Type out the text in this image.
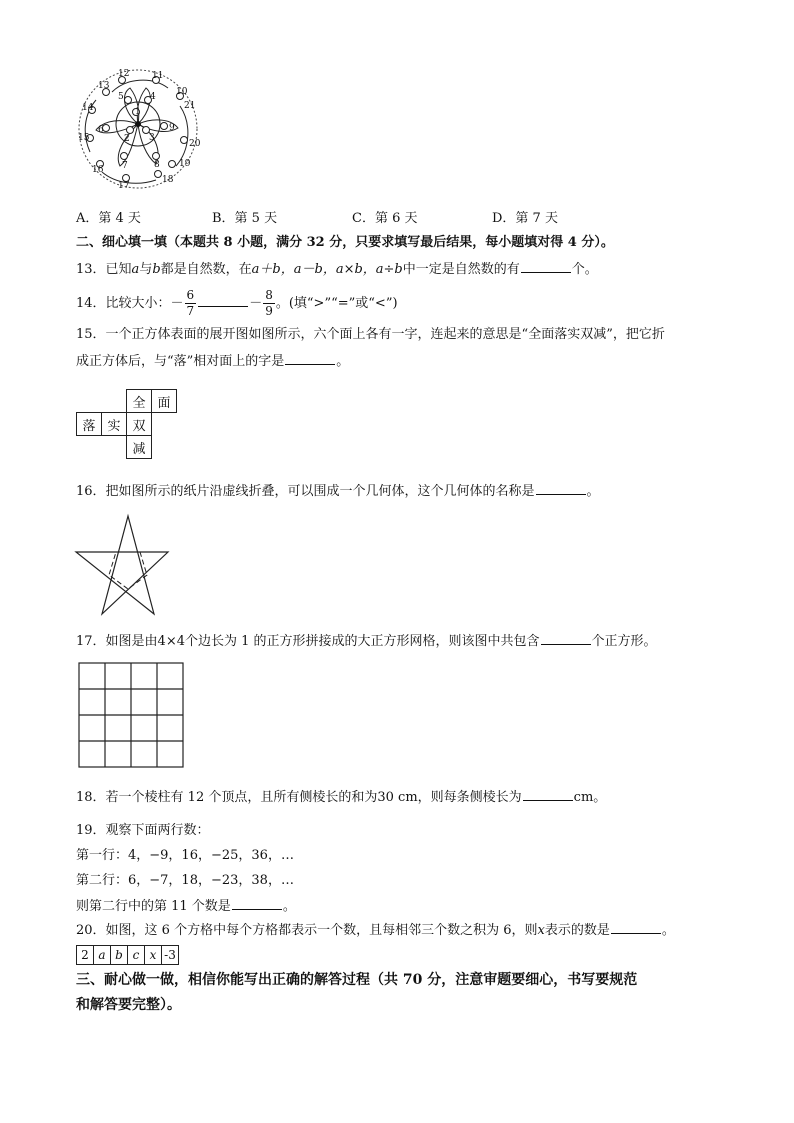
1
2 3
4
5
6
7	8
9
10
11
12
13
14
15
16
17
18
19
20
21
A．第 4 天	B．第 5 天	C．第 6 天	D．第 7 天
二、细心填一填（本题共 8 小题，满分 32 分，只要求填写最后结果，每小题填对得 4 分）。
13．已知a与b都是自然数，在a＋b，a－b，a×b，a÷b中一定是自然数的有	个。
14．比较大小：－ $\frac{6}{7}$	－ $\frac{8}{9}$ 。(填“>”“=”或“<”)
15．一个正方体表面的展开图如图所示，六个面上各有一字，连起来的意思是“全面落实双减”，把它折
成正方体后，与“落”相对面上的字是	。
		全	面
落	实	双	
		减	
16．把如图所示的纸片沿虚线折叠，可以围成一个几何体，这个几何体的名称是	。
17．如图是由4×4个边长为 1 的正方形拼接成的大正方形网格，则该图中共包含	个正方形。
18．若一个棱柱有 12 个顶点，且所有侧棱长的和为30 cm，则每条侧棱长为	cm。
19．观察下面两行数：
第一行：4，−9，16，−25，36，…
第二行：6，−7，18，−23，38，…
则第二行中的第 11 个数是	。
20．如图，这 6 个方格中每个方格都表示一个数，且每相邻三个数之积为 6，则x表示的数是	。
2	a	b	c	x	-3
三、耐心做一做，相信你能写出正确的解答过程（共 70 分，注意审题要细心，书写要规范
和解答要完整）。
